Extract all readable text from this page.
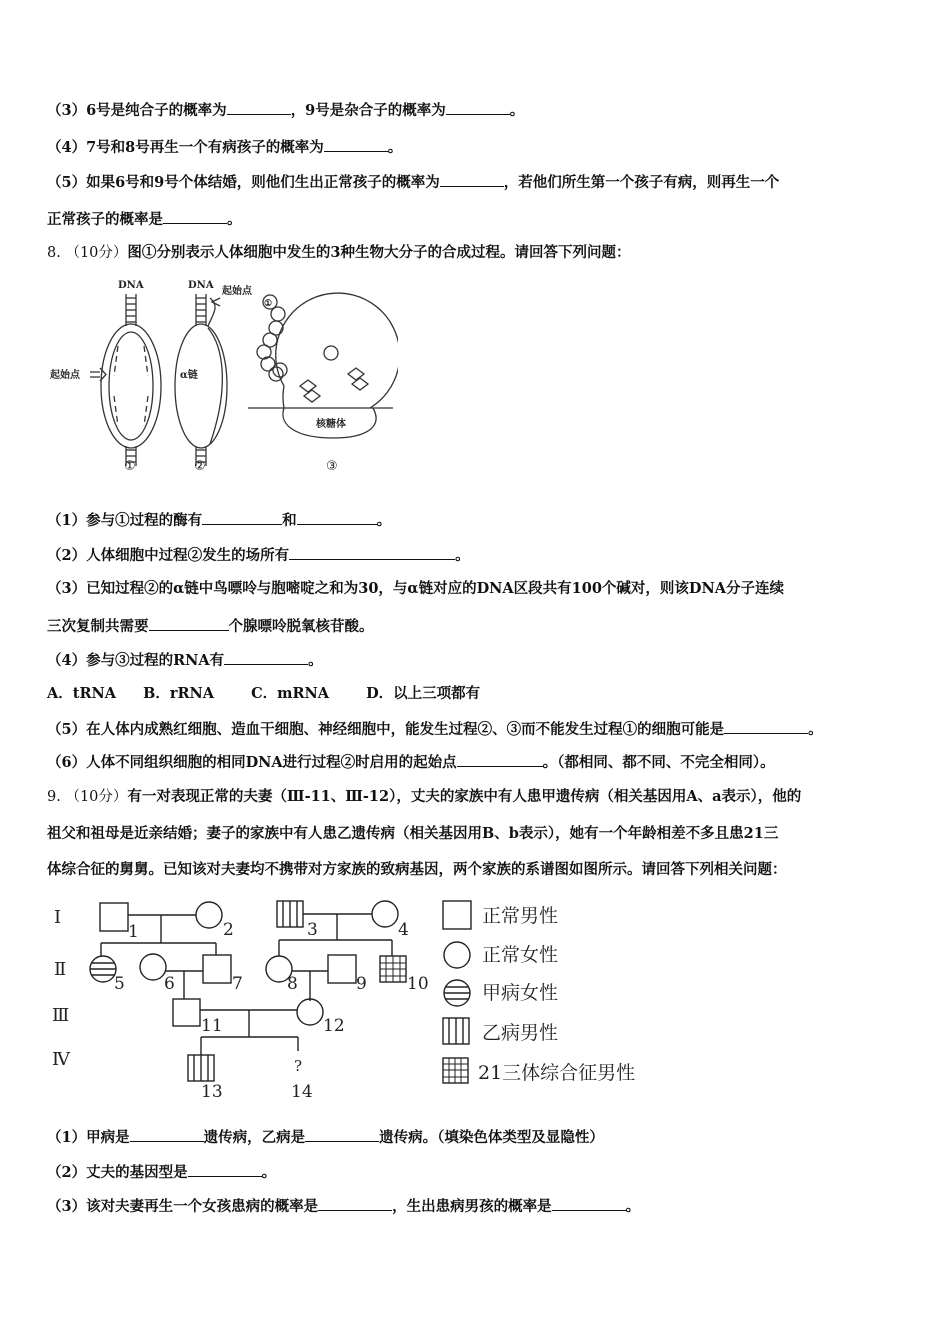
（3）6号是纯合子的概率为	，9号是杂合子的概率为	。
（4）7号和8号再生一个有病孩子的概率为	。
（5）如果6号和9号个体结婚，则他们生出正常孩子的概率为	，若他们所生第一个孩子有病，则再生一个
正常孩子的概率是	。
8. （10分）图①分别表示人体细胞中发生的3种生物大分子的合成过程。请回答下列问题：
DNA	DNA
起始点
起始点
α链
核糖体
①
①	②	③
（1）参与①过程的酶有	和	。
（2）人体细胞中过程②发生的场所有	。
（3）已知过程②的α链中鸟嘌呤与胞嘧啶之和为30，与α链对应的DNA区段共有100个碱对，则该DNA分子连续
三次复制共需要	个腺嘌呤脱氧核苷酸。
（4）参与③过程的RNA有	。
A．tRNA B．rRNA	C．mRNA	D．以上三项都有
（5）在人体内成熟红细胞、造血干细胞、神经细胞中，能发生过程②、③而不能发生过程①的细胞可能是	。
（6）人体不同组织细胞的相同DNA进行过程②时启用的起始点	。（都相同、都不同、不完全相同）。
9. （10分）有一对表现正常的夫妻（Ⅲ-11、Ⅲ-12），丈夫的家族中有人患甲遗传病（相关基因用A、a表示），他的
祖父和祖母是近亲结婚；妻子的家族中有人患乙遗传病（相关基因用B、b表示），她有一个年龄相差不多且患21三
体综合征的舅舅。已知该对夫妻均不携带对方家族的致病基因，两个家族的系谱图如图所示。请回答下列相关问题：
Ⅰ
Ⅱ
Ⅲ
Ⅳ
1	2	3	4
5 6	7	8	9 10
11	12
13	14
?
正常男性
正常女性
甲病女性
乙病男性
21三体综合征男性
（1）甲病是	遗传病，乙病是	遗传病。（填染色体类型及显隐性）
（2）丈夫的基因型是	。
（3）该对夫妻再生一个女孩患病的概率是	，生出患病男孩的概率是	。
